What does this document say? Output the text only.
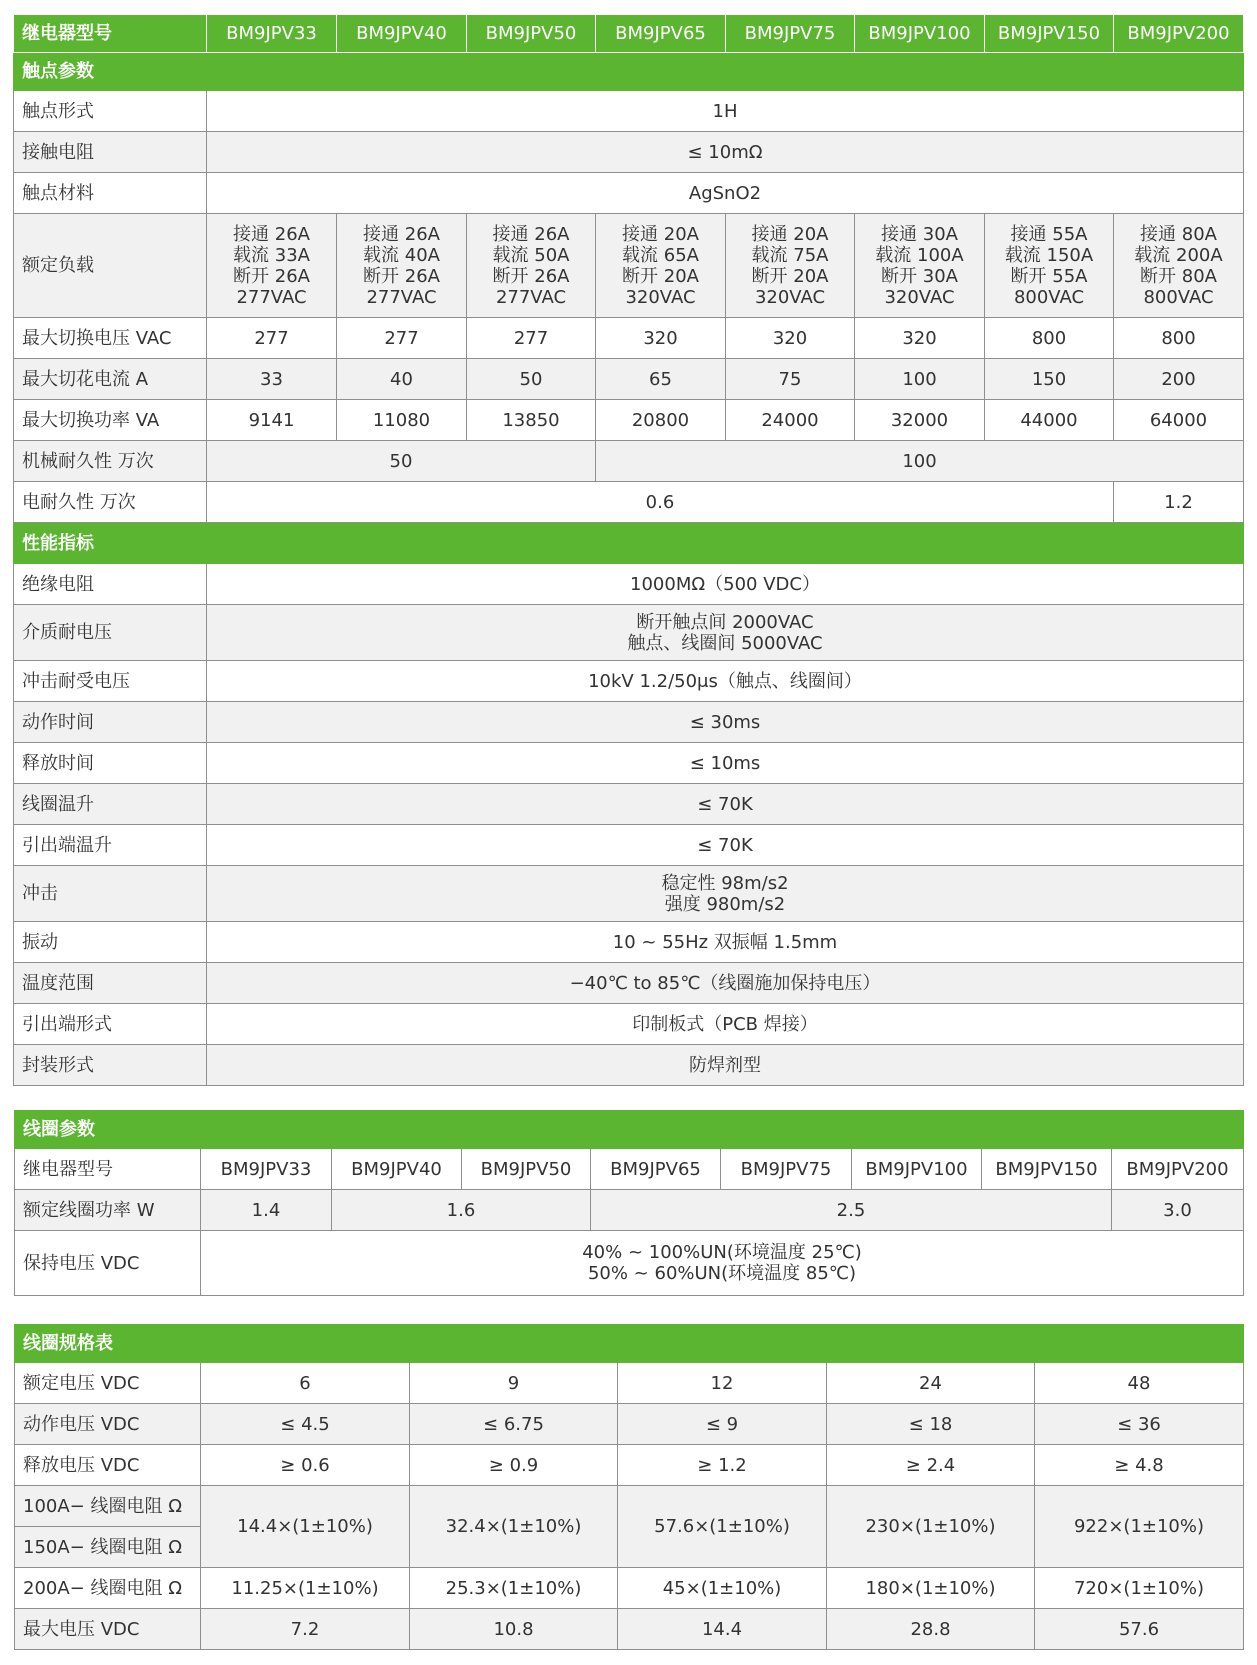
继电器型号	BM9JPV33	BM9JPV40	BM9JPV50	BM9JPV65	BM9JPV75	BM9JPV100	BM9JPV150	BM9JPV200
触点参数								
触点形式	1H							
接触电阻	≤ 10mΩ							
触点材料	AgSnO2							
额定负载	接通 26A
载流 33A
断开 26A
277VAC	接通 26A
载流 40A
断开 26A
277VAC	接通 26A
载流 50A
断开 26A
277VAC	接通 20A
载流 65A
断开 20A
320VAC	接通 20A
载流 75A
断开 20A
320VAC	接通 30A
载流 100A
断开 30A
320VAC	接通 55A
载流 150A
断开 55A
800VAC	接通 80A
载流 200A
断开 80A
800VAC

最大切换电压 VAC	277	277	277	320	320	320	800	800
最大切花电流 A	33	40	50	65	75	100	150	200
最大切换功率 VA	9141	11080	13850	20800	24000	32000	44000	64000
机械耐久性 万次	50			100				
电耐久性 万次	0.6							1.2
性能指标								
绝缘电阻	1000MΩ（500 VDC）							
介质耐电压	断开触点间 2000VAC
触点、线圈间 5000VAC							

冲击耐受电压	10kV 1.2/50μs（触点、线圈间）							
动作时间	≤ 30ms							
释放时间	≤ 10ms							
线圈温升	≤ 70K							
引出端温升	≤ 70K							
冲击	稳定性 98m/s2
强度 980m/s2							

振动	10 ~ 55Hz 双振幅 1.5mm							
温度范围	−40℃ to 85℃（线圈施加保持电压）							
引出端形式	印制板式（PCB 焊接）							
封装形式	防焊剂型							
线圈参数								
继电器型号	BM9JPV33	BM9JPV40	BM9JPV50	BM9JPV65	BM9JPV75	BM9JPV100	BM9JPV150	BM9JPV200
额定线圈功率 W	1.4	1.6		2.5				3.0
保持电压 VDC	40% ~ 100%UN(环境温度 25℃)
50% ~ 60%UN(环境温度 85℃)							
线圈规格表					
额定电压 VDC	6	9	12	24	48
动作电压 VDC	≤ 4.5	≤ 6.75	≤ 9	≤ 18	≤ 36
释放电压 VDC	≥ 0.6	≥ 0.9	≥ 1.2	≥ 2.4	≥ 4.8
100A− 线圈电阻 Ω	14.4×(1±10%)	32.4×(1±10%)	57.6×(1±10%)	230×(1±10%)	922×(1±10%)
150A− 线圈电阻 Ω					
200A− 线圈电阻 Ω	11.25×(1±10%)	25.3×(1±10%)	45×(1±10%)	180×(1±10%)	720×(1±10%)
最大电压 VDC	7.2	10.8	14.4	28.8	57.6
